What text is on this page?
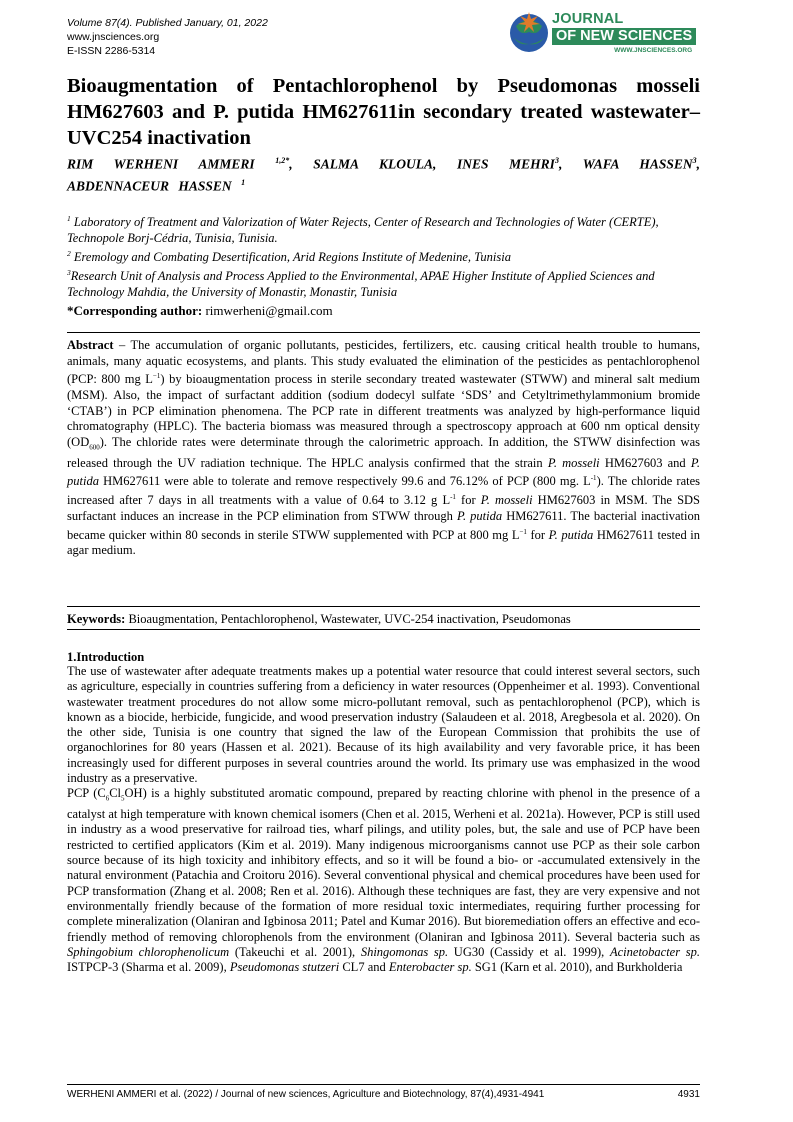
Volume 87(4). Published January, 01, 2022
www.jnsciences.org
E-ISSN 2286-5314
JOURNAL
OF NEW SCIENCES
WWW.JNSCIENCES.ORG
Bioaugmentation of Pentachlorophenol by Pseudomonas mosseli HM627603 and P. putida HM627611in secondary treated wastewater–UVC254 inactivation
RIM WERHENI AMMERI	$^{1,2*}$, SALMA KLOULA, INES MEHRI$^3$, WAFA HASSEN$^3$, ABDENNACEUR HASSEN $^1$
$^1$ Laboratory of Treatment and Valorization of Water Rejects, Center of Research and Technologies of Water (CERTE), Technopole Borj-Cédria, Tunisia, Tunisia.
$^2$ Eremology and Combating Desertification, Arid Regions Institute of Medenine, Tunisia
$^3$Research Unit of Analysis and Process Applied to the Environmental, APAE Higher Institute of Applied Sciences and Technology Mahdia, the University of Monastir, Monastir, Tunisia
*Corresponding author: rimwerheni@gmail.com
Abstract – The accumulation of organic pollutants, pesticides, fertilizers, etc. causing critical health trouble to humans, animals, many aquatic ecosystems, and plants. This study evaluated the elimination of the pesticides as pentachlorophenol (PCP: 800 mg $L^{-1}$) by bioaugmentation process in sterile secondary treated wastewater (STWW) and mineral salt medium (MSM). Also, the impact of surfactant addition (sodium dodecyl sulfate ‘SDS’ and Cetyltrimethylammonium bromide ‘CTAB’) in PCP elimination phenomena. The PCP rate in different treatments was analyzed by high-performance liquid chromatography (HPLC). The bacteria biomass was measured through a spectroscopy approach at 600 nm optical density $(OD_{600})$. The chloride rates were determinate through the calorimetric approach. In addition, the STWW disinfection was released through the UV radiation technique. The HPLC analysis confirmed that the strain P. mosseli HM627603 and P. putida HM627611 were able to tolerate and remove respectively 99.6 and 76.12% of PCP (800 mg. $L^{-1}$). The chloride rates increased after 7 days in all treatments with a value of 0.64 to 3.12 g $L^{-1}$ for P. mosseli HM627603 in MSM. The SDS surfactant induces an increase in the PCP elimination from STWW through P. putida HM627611. The bacterial inactivation became quicker within 80 seconds in sterile STWW supplemented with PCP at 800 mg $L^{-1}$ for P. putida HM627611 tested in agar medium.
Keywords: Bioaugmentation, Pentachlorophenol, Wastewater, UVC-254 inactivation, Pseudomonas
1.Introduction

The use of wastewater after adequate treatments makes up a potential water resource that could interest several sectors, such as agriculture, especially in countries suffering from a deficiency in water resources (Oppenheimer et al. 1993). Conventional wastewater treatment procedures do not allow some micro-pollutant removal, such as pentachlorophenol (PCP), which is known as a biocide, herbicide, fungicide, and wood preservation industry (Salaudeen et al. 2018, Aregbesola et al. 2020). On the other side, Tunisia is one country that signed the law of the European Commission that prohibits the use of organochlorines for 80 years (Hassen et al. 2021). Because of its high availability and very favorable price, it has been increasingly used for different purposes in several countries around the world. Its primary use was emphasized in the wood industry as a preservative.

PCP $(C_6Cl_5OH)$ is a highly substituted aromatic compound, prepared by reacting chlorine with phenol in the presence of a catalyst at high temperature with known chemical isomers (Chen et al. 2015, Werheni et al. 2021a). However, PCP is still used in industry as a wood preservative for railroad ties, wharf pilings, and utility poles, but, the sale and use of PCP have been restricted to certified applicators (Kim et al. 2019). Many indigenous microorganisms cannot use PCP as their sole carbon source because of its high toxicity and inhibitory effects, and so it will be found a bio- or -accumulated extensively in the natural environment (Patachia and Croitoru 2016). Several conventional physical and chemical procedures have been used for PCP transformation (Zhang et al. 2008; Ren et al. 2016). Although these techniques are fast, they are very expensive and not environmentally friendly because of the formation of more residual toxic intermediates, requiring further processing for complete mineralization (Olaniran and Igbinosa 2011; Patel and Kumar 2016). But bioremediation offers an effective and eco-friendly method of removing chlorophenols from the environment (Olaniran and Igbinosa 2011). Several bacteria such as Sphingobium chlorophenolicum (Takeuchi et al. 2001), Shingomonas sp. UG30 (Cassidy et al. 1999), Acinetobacter sp. ISTPCP-3 (Sharma et al. 2009), Pseudomonas stutzeri CL7 and Enterobacter sp. SG1 (Karn et al. 2010), and Burkholderia

WERHENI AMMERI et al. (2022) / Journal of new sciences, Agriculture and Biotechnology, 87(4),4931-4941	4931
